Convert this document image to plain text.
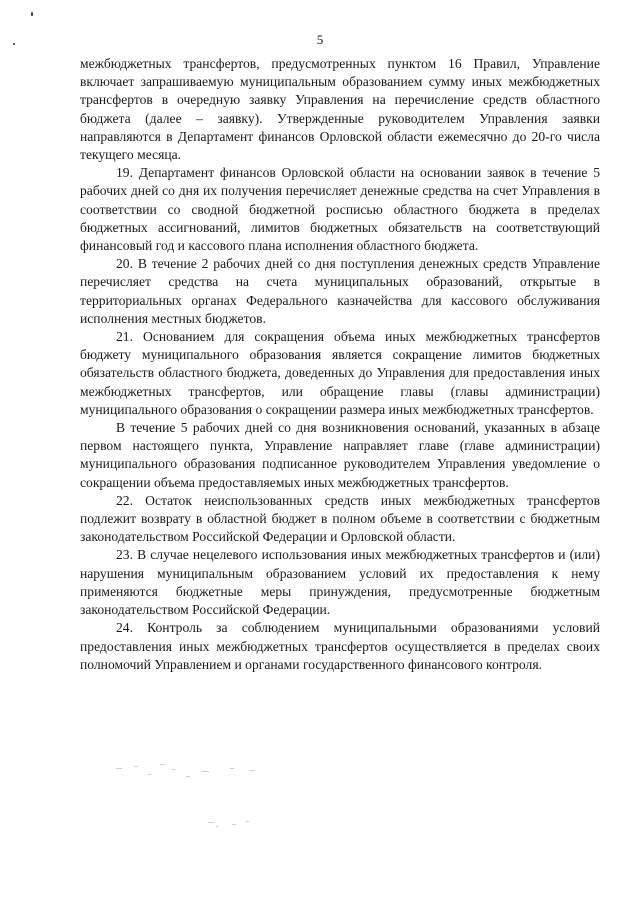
5

межбюджетных трансфертов, предусмотренных пунктом 16 Правил, Управление включает запрашиваемую муниципальным образованием сумму иных межбюджетных трансфертов в очередную заявку Управления на перечисление средств областного бюджета (далее – заявку). Утвержденные руководителем Управления заявки направляются в Департамент финансов Орловской области ежемесячно до 20-го числа текущего месяца.

19. Департамент финансов Орловской области на основании заявок в течение 5 рабочих дней со дня их получения перечисляет денежные средства на счет Управления в соответствии со сводной бюджетной росписью областного бюджета в пределах бюджетных ассигнований, лимитов бюджетных обязательств на соответствующий финансовый год и кассового плана исполнения областного бюджета.

20. В течение 2 рабочих дней со дня поступления денежных средств Управление перечисляет средства на счета муниципальных образований, открытые в территориальных органах Федерального казначейства для кассового обслуживания исполнения местных бюджетов.

21. Основанием для сокращения объема иных межбюджетных трансфертов бюджету муниципального образования является сокращение лимитов бюджетных обязательств областного бюджета, доведенных до Управления для предоставления иных межбюджетных трансфертов, или обращение главы (главы администрации) муниципального образования о сокращении размера иных межбюджетных трансфертов.

В течение 5 рабочих дней со дня возникновения оснований, указанных в абзаце первом настоящего пункта, Управление направляет главе (главе администрации) муниципального образования подписанное руководителем Управления уведомление о сокращении объема предоставляемых иных межбюджетных трансфертов.

22. Остаток неиспользованных средств иных межбюджетных трансфертов подлежит возврату в областной бюджет в полном объеме в соответствии с бюджетным законодательством Российской Федерации и Орловской области.

23. В случае нецелевого использования иных межбюджетных трансфертов и (или) нарушения муниципальным образованием условий их предоставления к нему применяются бюджетные меры принуждения, предусмотренные бюджетным законодательством Российской Федерации.

24. Контроль за соблюдением муниципальными образованиями условий предоставления иных межбюджетных трансфертов осуществляется в пределах своих полномочий Управлением и органами государственного финансового контроля.
